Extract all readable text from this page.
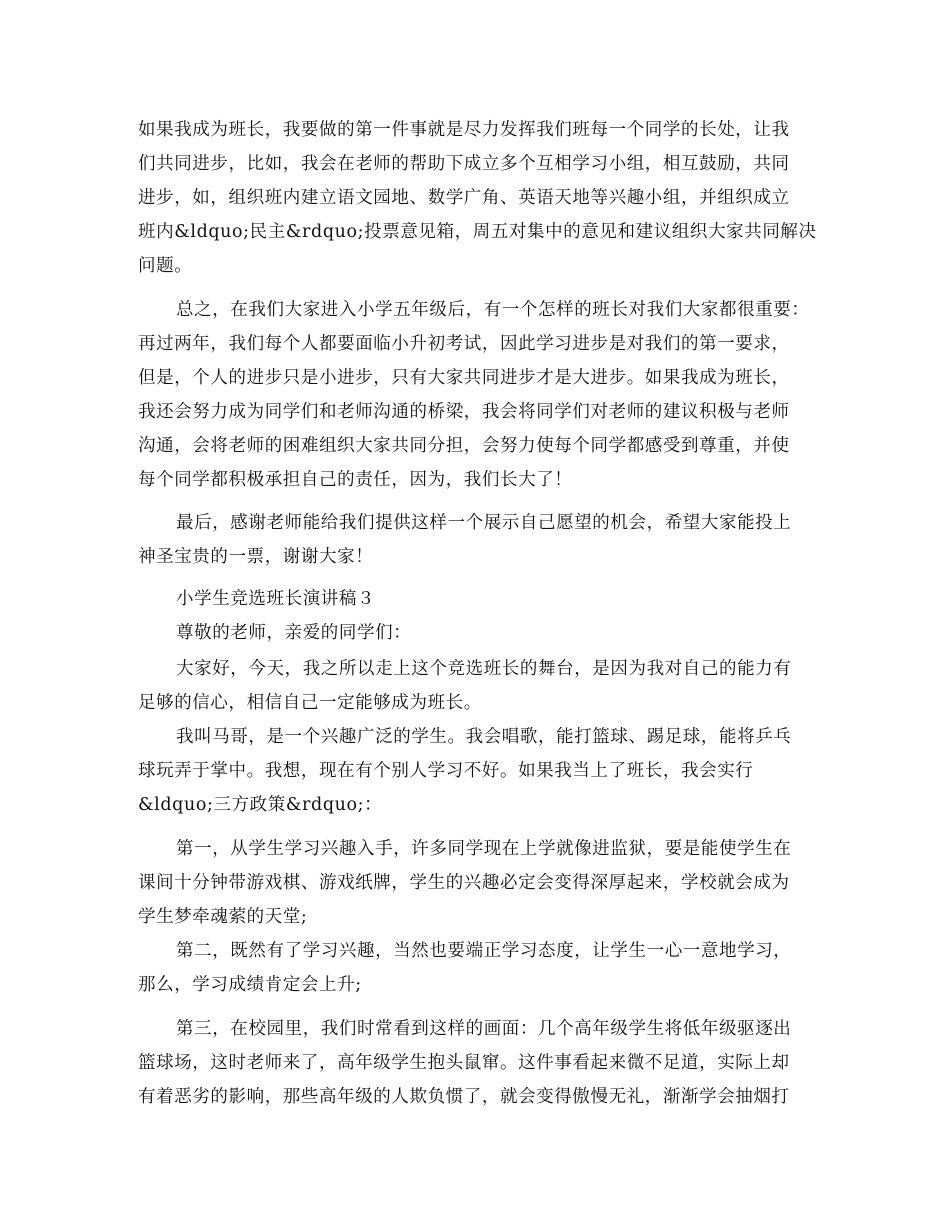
如果我成为班长，我要做的第一件事就是尽力发挥我们班每一个同学的长处，让我
们共同进步，比如，我会在老师的帮助下成立多个互相学习小组，相互鼓励，共同
进步，如，组织班内建立语文园地、数学广角、英语天地等兴趣小组，并组织成立
班内&ldquo;民主&rdquo;投票意见箱，周五对集中的意见和建议组织大家共同解决
问题。
总之，在我们大家进入小学五年级后，有一个怎样的班长对我们大家都很重要：
再过两年，我们每个人都要面临小升初考试，因此学习进步是对我们的第一要求，
但是，个人的进步只是小进步，只有大家共同进步才是大进步。如果我成为班长，
我还会努力成为同学们和老师沟通的桥梁，我会将同学们对老师的建议积极与老师
沟通，会将老师的困难组织大家共同分担，会努力使每个同学都感受到尊重，并使
每个同学都积极承担自己的责任，因为，我们长大了！
最后，感谢老师能给我们提供这样一个展示自己愿望的机会，希望大家能投上
神圣宝贵的一票，谢谢大家！
小学生竞选班长演讲稿３
尊敬的老师，亲爱的同学们：
大家好，今天，我之所以走上这个竞选班长的舞台，是因为我对自己的能力有
足够的信心，相信自己一定能够成为班长。
我叫马哥，是一个兴趣广泛的学生。我会唱歌，能打篮球、踢足球，能将乒乓
球玩弄于掌中。我想，现在有个别人学习不好。如果我当上了班长，我会实行
&ldquo;三方政策&rdquo;：
第一，从学生学习兴趣入手，许多同学现在上学就像进监狱，要是能使学生在
课间十分钟带游戏棋、游戏纸牌，学生的兴趣必定会变得深厚起来，学校就会成为
学生梦牵魂萦的天堂;
第二，既然有了学习兴趣，当然也要端正学习态度，让学生一心一意地学习，
那么，学习成绩肯定会上升;
第三，在校园里，我们时常看到这样的画面：几个高年级学生将低年级驱逐出
篮球场，这时老师来了，高年级学生抱头鼠窜。这件事看起来微不足道，实际上却
有着恶劣的影响，那些高年级的人欺负惯了，就会变得傲慢无礼，渐渐学会抽烟打
